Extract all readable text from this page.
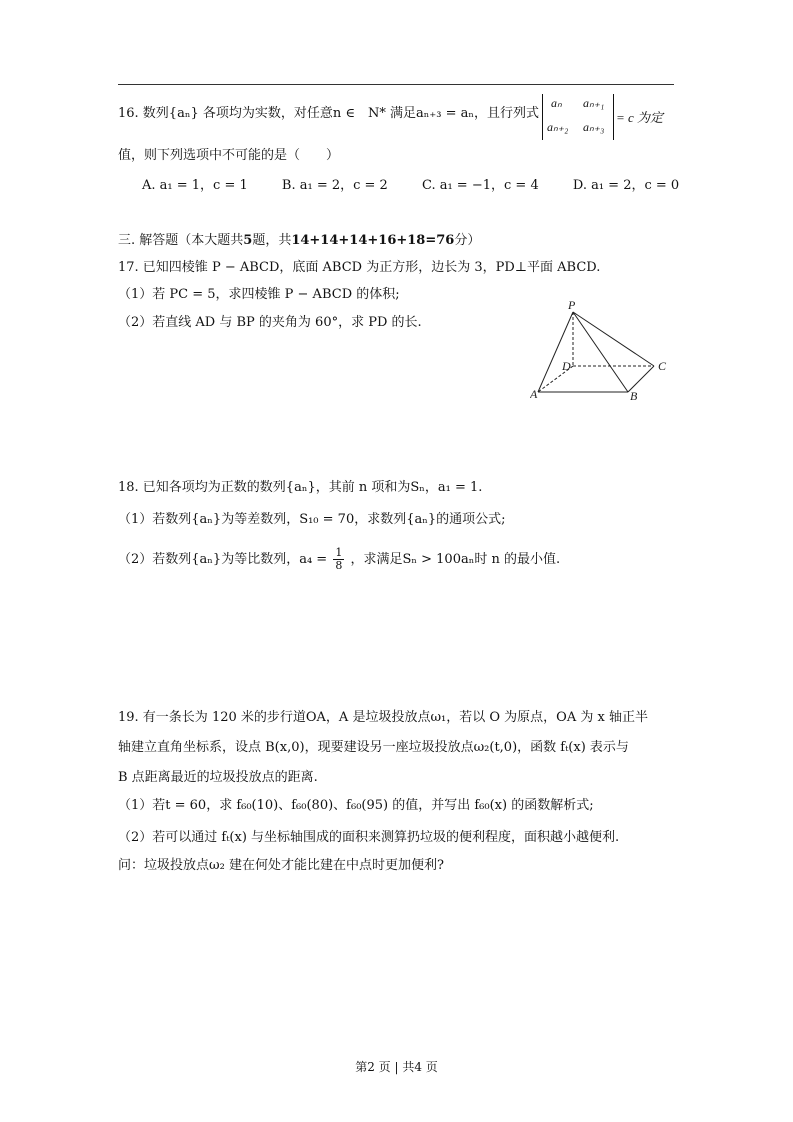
16. 数列{aₙ} 各项均为实数，对任意n ∈ N* 满足aₙ₊₃ = aₙ，且行列式
aₙ aₙ₊₁
aₙ₊₂ aₙ₊₃
= c 为定
值，则下列选项中不可能的是（　　）
A. a₁ = 1，c = 1	B. a₁ = 2，c = 2	C. a₁ = −1，c = 4	D. a₁ = 2，c = 0
三. 解答题（本大题共5题，共14+14+14+16+18=76分）
17. 已知四棱锥 P − ABCD，底面 ABCD 为正方形，边长为 3，PD⊥平面 ABCD.
（1）若 PC = 5，求四棱锥 P − ABCD 的体积;
（2）若直线 AD 与 BP 的夹角为 60°，求 PD 的长.
P
D	C
A	B
18. 已知各项均为正数的数列{aₙ}，其前 n 项和为Sₙ，a₁ = 1.
（1）若数列{aₙ}为等差数列，S₁₀ = 70，求数列{aₙ}的通项公式;
（2）若数列{aₙ}为等比数列，$a_4 = \frac{1}{8}$ ，求满足Sₙ > 100aₙ时 n 的最小值.
19. 有一条长为 120 米的步行道OA，A 是垃圾投放点ω₁，若以 O 为原点，OA 为 x 轴正半
轴建立直角坐标系，设点 B(x,0)，现要建设另一座垃圾投放点ω₂(t,0)，函数 fₜ(x) 表示与
B 点距离最近的垃圾投放点的距离.
（1）若t = 60，求 f₆₀(10)、f₆₀(80)、f₆₀(95) 的值，并写出 f₆₀(x) 的函数解析式;
（2）若可以通过 fₜ(x) 与坐标轴围成的面积来测算扔垃圾的便利程度，面积越小越便利.
问：垃圾投放点ω₂ 建在何处才能比建在中点时更加便利?
第2 页 | 共4 页
